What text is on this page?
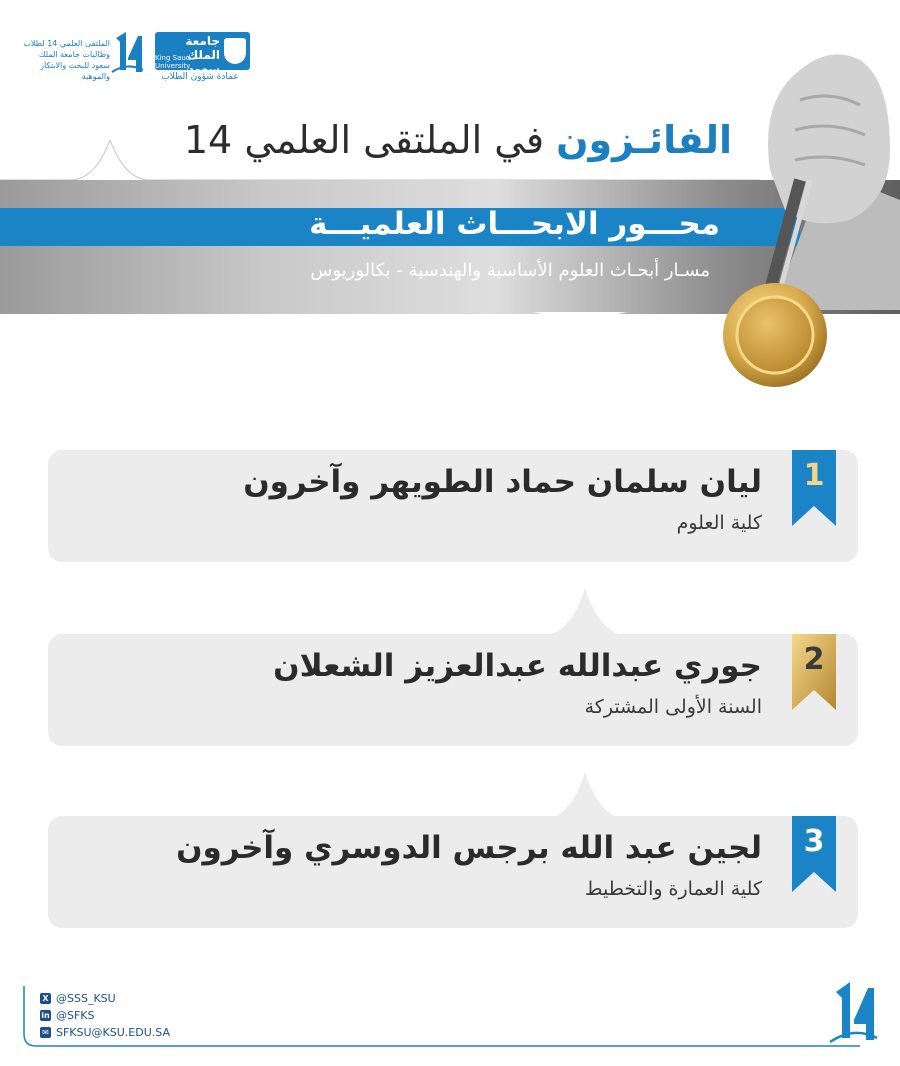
الملتقى العلمي 14 لطلاب وطالبات جامعة الملك سعود للبحث والابتكار والموهبة
جامعة الملك سعود
King Saud University
عمادة شؤون الطلاب
الفائـزون في الملتقى العلمي 14
محـــور الابحـــاث العلميـــة
مسـار أبحـاث العلوم الأساسية والهندسية - بكالوريوس
1
ليان سلمان حماد الطويهر وآخرون
كلية العلوم
2
جوري عبدالله عبدالعزيز الشعلان
السنة الأولى المشتركة
3
لجين عبد الله برجس الدوسري وآخرون
كلية العمارة والتخطيط
X @SSS_KSU
in @SFKS
✉ SFKSU@KSU.EDU.SA
